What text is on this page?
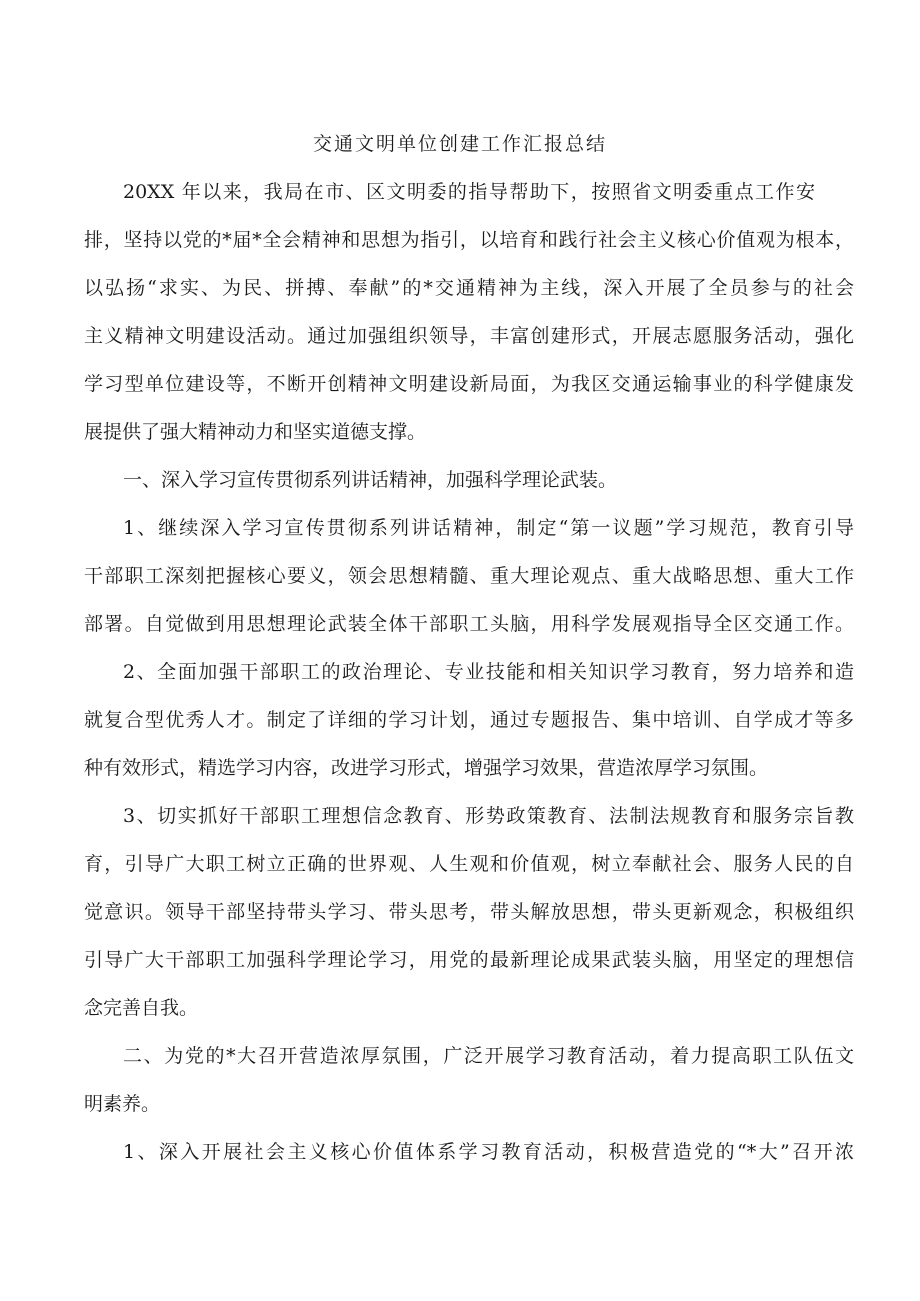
交通文明单位创建工作汇报总结
20XX 年以来，我局在市、区文明委的指导帮助下，按照省文明委重点工作安
排，坚持以党的*届*全会精神和思想为指引，以培育和践行社会主义核心价值观为根本，
以弘扬“求实、为民、拼搏、奉献”的*交通精神为主线，深入开展了全员参与的社会
主义精神文明建设活动。通过加强组织领导，丰富创建形式，开展志愿服务活动，强化
学习型单位建设等，不断开创精神文明建设新局面，为我区交通运输事业的科学健康发
展提供了强大精神动力和坚实道德支撑。
一、深入学习宣传贯彻系列讲话精神，加强科学理论武装。
1、继续深入学习宣传贯彻系列讲话精神，制定“第一议题”学习规范，教育引导
干部职工深刻把握核心要义，领会思想精髓、重大理论观点、重大战略思想、重大工作
部署。自觉做到用思想理论武装全体干部职工头脑，用科学发展观指导全区交通工作。
2、全面加强干部职工的政治理论、专业技能和相关知识学习教育，努力培养和造
就复合型优秀人才。制定了详细的学习计划，通过专题报告、集中培训、自学成才等多
种有效形式，精选学习内容，改进学习形式，增强学习效果，营造浓厚学习氛围。
3、切实抓好干部职工理想信念教育、形势政策教育、法制法规教育和服务宗旨教
育，引导广大职工树立正确的世界观、人生观和价值观，树立奉献社会、服务人民的自
觉意识。领导干部坚持带头学习、带头思考，带头解放思想，带头更新观念，积极组织
引导广大干部职工加强科学理论学习，用党的最新理论成果武装头脑，用坚定的理想信
念完善自我。
二、为党的*大召开营造浓厚氛围，广泛开展学习教育活动，着力提高职工队伍文
明素养。
1、深入开展社会主义核心价值体系学习教育活动，积极营造党的“*大”召开浓
